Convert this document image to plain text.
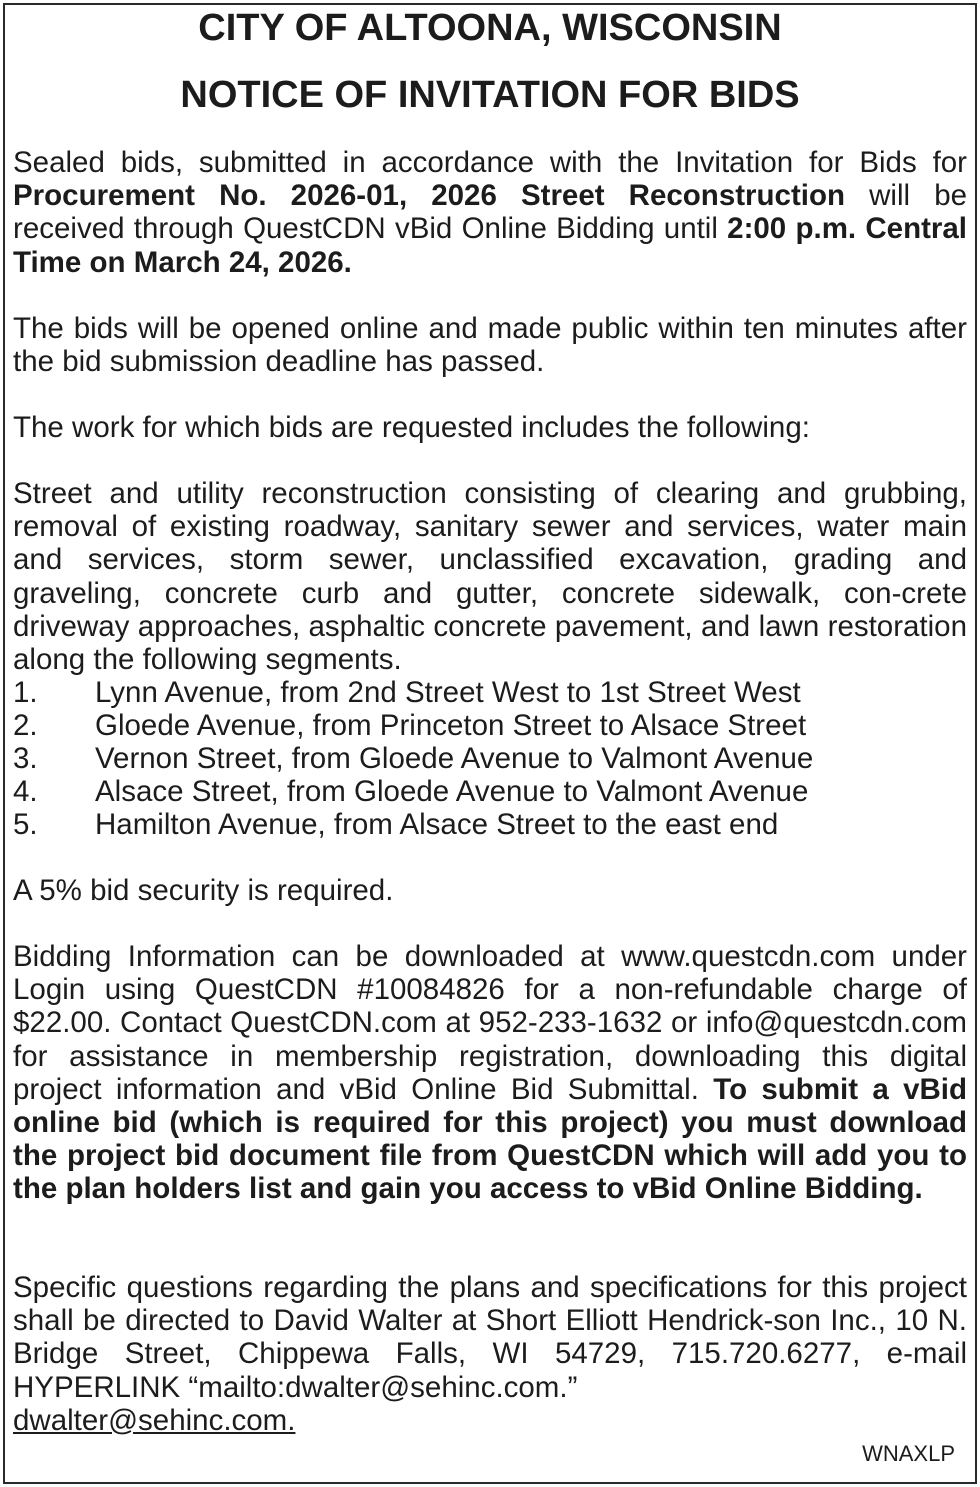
CITY OF ALTOONA, WISCONSIN
NOTICE OF INVITATION FOR BIDS

Sealed bids, submitted in accordance with the Invitation for Bids for Procurement No. 2026-01, 2026 Street Reconstruction will be received through QuestCDN vBid Online Bidding until 2:00 p.m. Central Time on March 24, 2026.

The bids will be opened online and made public within ten minutes after the bid submission deadline has passed.

The work for which bids are requested includes the following:

Street and utility reconstruction consisting of clearing and grubbing, removal of existing roadway, sanitary sewer and services, water main and services, storm sewer, unclassified excavation, grading and graveling, concrete curb and gutter, concrete sidewalk, con-crete driveway approaches, asphaltic concrete pavement, and lawn restoration along the following segments.

1. Lynn Avenue, from 2nd Street West to 1st Street West
2. Gloede Avenue, from Princeton Street to Alsace Street
3. Vernon Street, from Gloede Avenue to Valmont Avenue
4. Alsace Street, from Gloede Avenue to Valmont Avenue
5. Hamilton Avenue, from Alsace Street to the east end

A 5% bid security is required.

Bidding Information can be downloaded at www.questcdn.com under Login using QuestCDN #10084826 for a non-refundable charge of $22.00. Contact QuestCDN.com at 952-233-1632 or info@questcdn.com for assistance in membership registration, downloading this digital project information and vBid Online Bid Submittal. To submit a vBid online bid (which is required for this project) you must download the project bid document file from QuestCDN which will add you to the plan holders list and gain you access to vBid Online Bidding.

Specific questions regarding the plans and specifications for this project shall be directed to David Walter at Short Elliott Hendrick-son Inc., 10 N. Bridge Street, Chippewa Falls, WI 54729, 715.720.6277, e-mail HYPERLINK “mailto:dwalter@sehinc.com.”
dwalter@sehinc.com.

WNAXLP
